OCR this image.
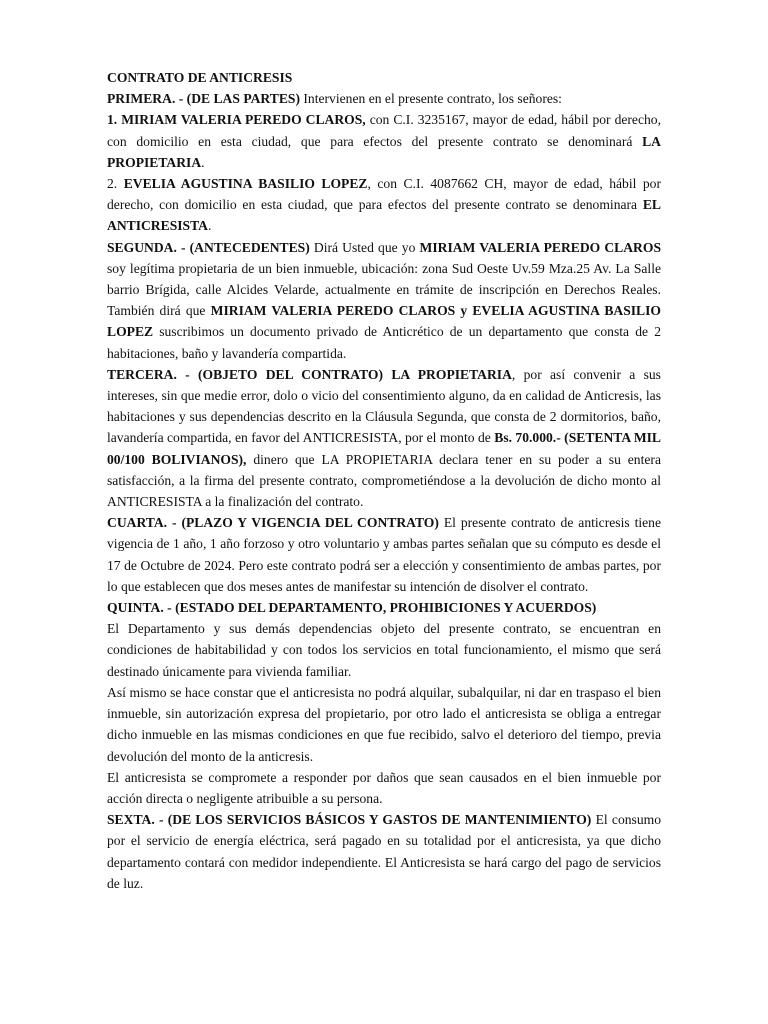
CONTRATO DE ANTICRESIS

PRIMERA. - (DE LAS PARTES) Intervienen en el presente contrato, los señores:

1. MIRIAM VALERIA PEREDO CLAROS, con C.I. 3235167, mayor de edad, hábil por derecho, con domicilio en esta ciudad, que para efectos del presente contrato se denominará LA PROPIETARIA.

2. EVELIA AGUSTINA BASILIO LOPEZ, con C.I. 4087662 CH, mayor de edad, hábil por derecho, con domicilio en esta ciudad, que para efectos del presente contrato se denominara EL ANTICRESISTA.

SEGUNDA. - (ANTECEDENTES) Dirá Usted que yo MIRIAM VALERIA PEREDO CLAROS soy legítima propietaria de un bien inmueble, ubicación: zona Sud Oeste Uv.59 Mza.25 Av. La Salle barrio Brígida, calle Alcides Velarde, actualmente en trámite de inscripción en Derechos Reales. También dirá que MIRIAM VALERIA PEREDO CLAROS y EVELIA AGUSTINA BASILIO LOPEZ suscribimos un documento privado de Anticrético de un departamento que consta de 2 habitaciones, baño y lavandería compartida.

TERCERA. - (OBJETO DEL CONTRATO) LA PROPIETARIA, por así convenir a sus intereses, sin que medie error, dolo o vicio del consentimiento alguno, da en calidad de Anticresis, las habitaciones y sus dependencias descrito en la Cláusula Segunda, que consta de 2 dormitorios, baño, lavandería compartida, en favor del ANTICRESISTA, por el monto de Bs. 70.000.- (SETENTA MIL 00/100 BOLIVIANOS), dinero que LA PROPIETARIA declara tener en su poder a su entera satisfacción, a la firma del presente contrato, comprometiéndose a la devolución de dicho monto al ANTICRESISTA a la finalización del contrato.

CUARTA. - (PLAZO Y VIGENCIA DEL CONTRATO) El presente contrato de anticresis tiene vigencia de 1 año, 1 año forzoso y otro voluntario y ambas partes señalan que su cómputo es desde el 17 de Octubre de 2024. Pero este contrato podrá ser a elección y consentimiento de ambas partes, por lo que establecen que dos meses antes de manifestar su intención de disolver el contrato.

QUINTA. - (ESTADO DEL DEPARTAMENTO, PROHIBICIONES Y ACUERDOS)

El Departamento y sus demás dependencias objeto del presente contrato, se encuentran en condiciones de habitabilidad y con todos los servicios en total funcionamiento, el mismo que será destinado únicamente para vivienda familiar.

Así mismo se hace constar que el anticresista no podrá alquilar, subalquilar, ni dar en traspaso el bien inmueble, sin autorización expresa del propietario, por otro lado el anticresista se obliga a entregar dicho inmueble en las mismas condiciones en que fue recibido, salvo el deterioro del tiempo, previa devolución del monto de la anticresis.

El anticresista se compromete a responder por daños que sean causados en el bien inmueble por acción directa o negligente atribuible a su persona.

SEXTA. - (DE LOS SERVICIOS BÁSICOS Y GASTOS DE MANTENIMIENTO) El consumo por el servicio de energía eléctrica, será pagado en su totalidad por el anticresista, ya que dicho departamento contará con medidor independiente. El Anticresista se hará cargo del pago de servicios de luz.
